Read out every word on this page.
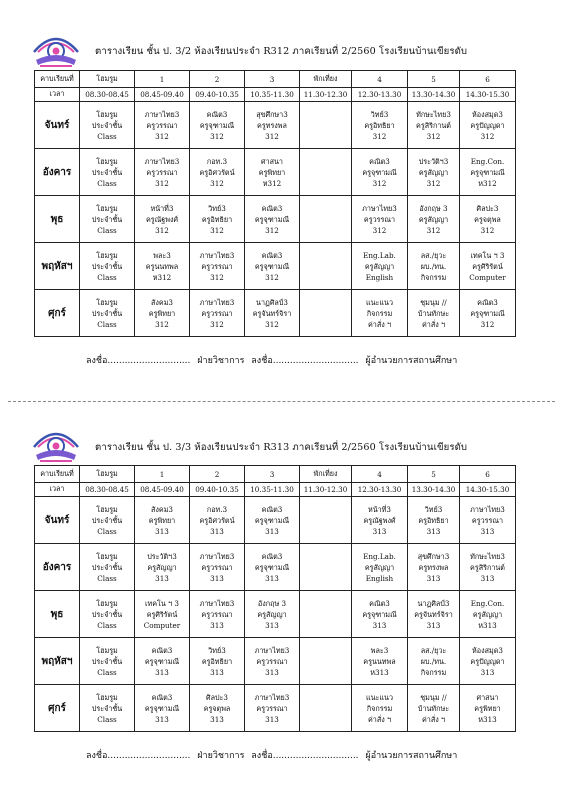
ตารางเรียน ชั้น ป. 3/2 ห้องเรียนประจำ R312 ภาคเรียนที่ 2/2560 โรงเรียนบ้านเขียรดับ
คาบเรียนที่	โฮมรูม	1	2	3	พักเที่ยง	4	5	6
เวลา	08.30-08.45	08.45-09.40	09.40-10.35	10.35-11.30	11.30-12.30	12.30-13.30	13.30-14.30	14.30-15.30
จันทร์	โฮมรูม
ประจำชั้น
Class	ภาษาไทย3
ครูวรรณา
312	คณิต3
ครูจุฑามณี
312	สุขศึกษา3
ครูทรงพล
312		วิทย์3
ครูอิทธิยา
312	ทักษะไทย3
ครูสิริกานต์
312	ห้องสมุด3
ครูปัญญดา
312

อังคาร	โฮมรูม
ประจำชั้น
Class	ภาษาไทย3
ครูวรรณา
312	กอท.3
ครูอิศวรัตน์
312	ศาสนา
ครูพิทยา
ห312		คณิต3
ครูจุฑามณี
312	ประวัติฯ3
ครูสัญญา
312	Eng.Con.
ครูจุฑามณี
ห312

พุธ	โฮมรูม
ประจำชั้น
Class	หน้าที่3
ครูณัฐพงศ์
312	วิทย์3
ครูอิทธิยา
312	คณิต3
ครูจุฑามณี
312		ภาษาไทย3
ครูวรรณา
312	อังกฤษ 3
ครูสัญญา
312	ศิลปะ3
ครูจตุพล
312

พฤหัสฯ	โฮมรูม
ประจำชั้น
Class	พละ3
ครูนนทพล
ห312	ภาษาไทย3
ครูวรรณา
312	คณิต3
ครูจุฑามณี
312		Eng.Lab.
ครูสัญญา
English	ลส./ยุวะ
ผบ./ทน.
กิจกรรม	เทคโน ฯ 3
ครูศิริรัตน์
Computer

ศุกร์	โฮมรูม
ประจำชั้น
Class	สังคม3
ครูพิทยา
312	ภาษาไทย3
ครูวรรณา
312	นาฏศิลป์3
ครูจันทร์จิรา
312		แนะแนว
กิจกรรม
ค่าสั่ง ฯ	ชุมนุม //
บ้านทักษะ
ค่าสั่ง ฯ	คณิต3
ครูจุฑามณี
312
ลงชื่อ............................. ฝ่ายวิชาการ ลงชื่อ.............................. ผู้อำนวยการสถานศึกษา
ตารางเรียน ชั้น ป. 3/3 ห้องเรียนประจำ R313 ภาคเรียนที่ 2/2560 โรงเรียนบ้านเขียรดับ
คาบเรียนที่	โฮมรูม	1	2	3	พักเที่ยง	4	5	6
เวลา	08.30-08.45	08.45-09.40	09.40-10.35	10.35-11.30	11.30-12.30	12.30-13.30	13.30-14.30	14.30-15.30
จันทร์	โฮมรูม
ประจำชั้น
Class	สังคม3
ครูพิทยา
313	กอท.3
ครูอิศวรัตน์
313	คณิต3
ครูจุฑามณี
313		หน้าที่3
ครูณัฐพงศ์
313	วิทย์3
ครูอิทธิยา
313	ภาษาไทย3
ครูวรรณา
313

อังคาร	โฮมรูม
ประจำชั้น
Class	ประวัติฯ3
ครูสัญญา
313	ภาษาไทย3
ครูวรรณา
313	คณิต3
ครูจุฑามณี
313		Eng.Lab.
ครูสัญญา
English	สุขศึกษา3
ครูทรงพล
313	ทักษะไทย3
ครูสิริกานต์
313

พุธ	โฮมรูม
ประจำชั้น
Class	เทคโน ฯ 3
ครูศิริรัตน์
Computer	ภาษาไทย3
ครูวรรณา
313	อังกฤษ 3
ครูสัญญา
313		คณิต3
ครูจุฑามณี
313	นาฏศิลป์3
ครูจันทร์จิรา
313	Eng.Con.
ครูสัญญา
ห313

พฤหัสฯ	โฮมรูม
ประจำชั้น
Class	คณิต3
ครูจุฑามณี
313	วิทย์3
ครูอิทธิยา
313	ภาษาไทย3
ครูวรรณา
313		พละ3
ครูนนทพล
ห313	ลส./ยุวะ
ผบ./ทน.
กิจกรรม	ห้องสมุด3
ครูปัญญดา
313

ศุกร์	โฮมรูม
ประจำชั้น
Class	คณิต3
ครูจุฑามณี
313	ศิลปะ3
ครูจตุพล
313	ภาษาไทย3
ครูวรรณา
313		แนะแนว
กิจกรรม
ค่าสั่ง ฯ	ชุมนุม //
บ้านทักษะ
ค่าสั่ง ฯ	ศาสนา
ครูพิทยา
ห313
ลงชื่อ............................. ฝ่ายวิชาการ ลงชื่อ.............................. ผู้อำนวยการสถานศึกษา
